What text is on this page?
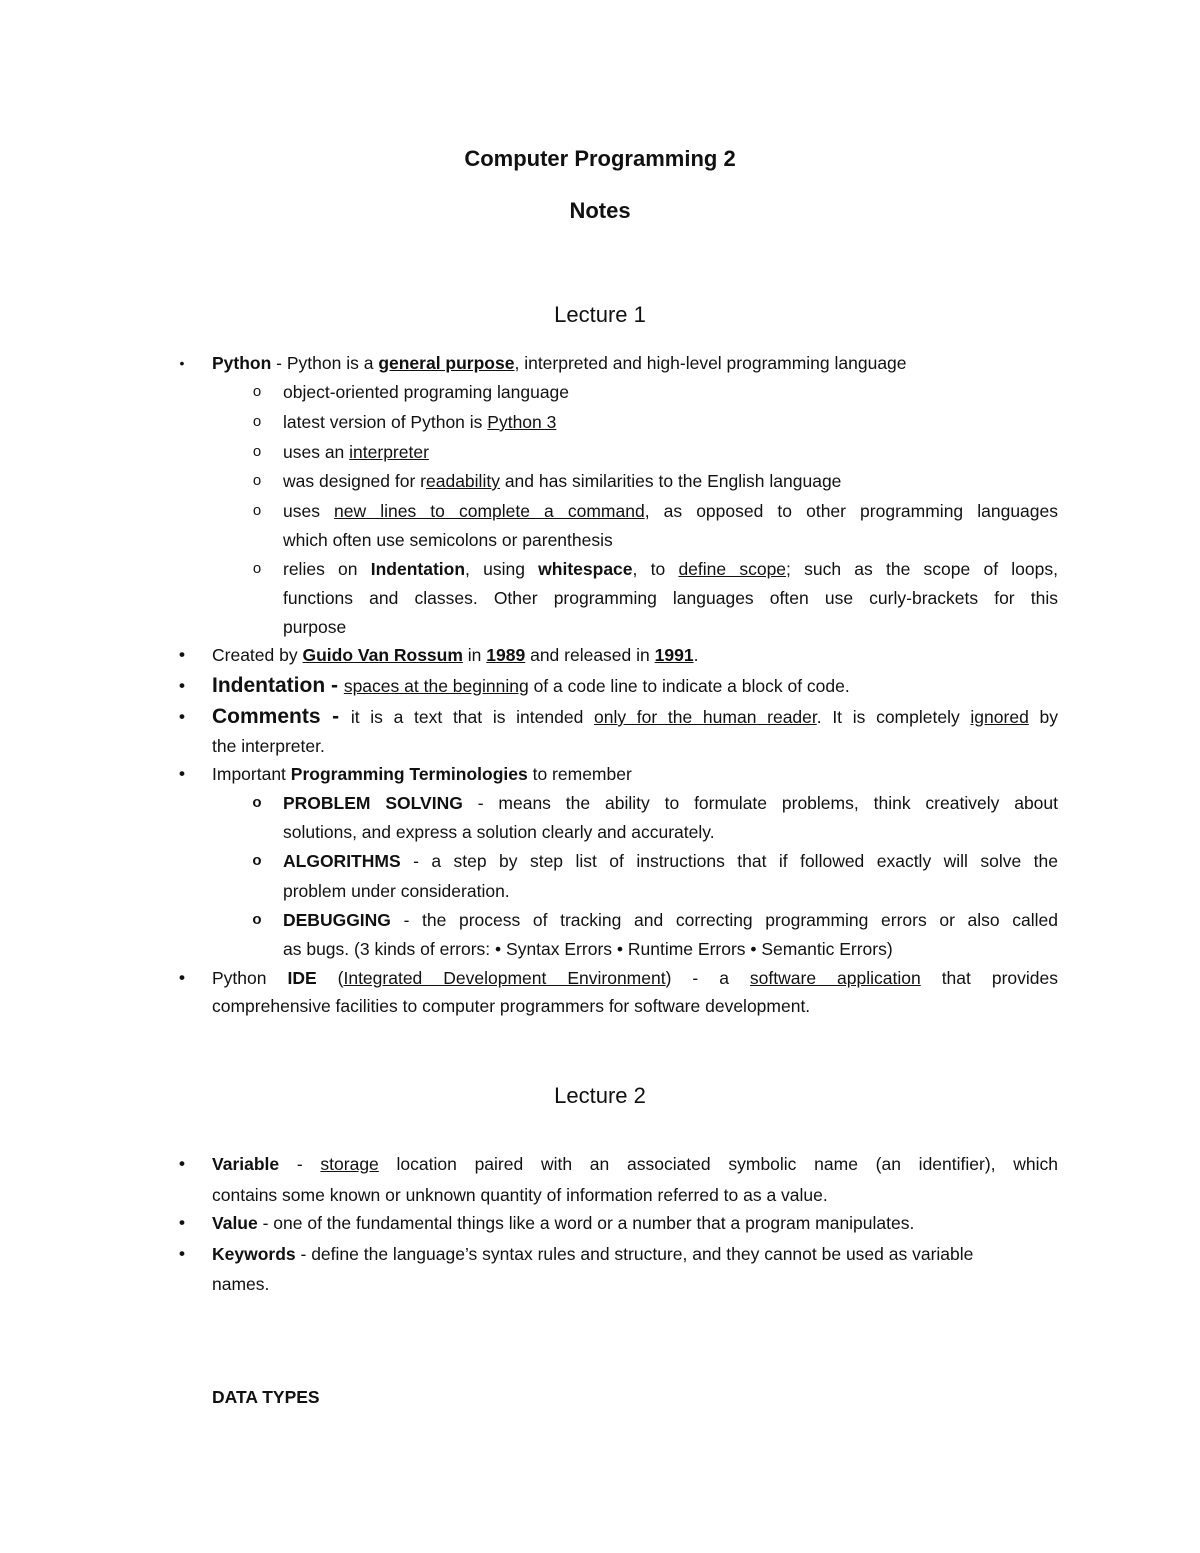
Computer Programming 2
Notes
Lecture 1
•	Python - Python is a general purpose, interpreted and high-level programming language
o object-oriented programing language
o latest version of Python is Python 3
o uses an interpreter
o was designed for readability and has similarities to the English language
o uses new lines to complete a command, as opposed to other programming languages
which often use semicolons or parenthesis
o relies on Indentation, using whitespace, to define scope; such as the scope of loops,
functions and classes. Other programming languages often use curly-brackets for this
purpose
•	Created by Guido Van Rossum in 1989 and released in 1991.
•	Indentation - spaces at the beginning of a code line to indicate a block of code.
•	Comments - it is a text that is intended only for the human reader. It is completely ignored by
the interpreter.
•	Important Programming Terminologies to remember
o PROBLEM SOLVING - means the ability to formulate problems, think creatively about
solutions, and express a solution clearly and accurately.
o ALGORITHMS - a step by step list of instructions that if followed exactly will solve the
problem under consideration.
o DEBUGGING - the process of tracking and correcting programming errors or also called
as bugs. (3 kinds of errors: • Syntax Errors • Runtime Errors • Semantic Errors)
•	Python IDE (Integrated Development Environment) - a software application that provides
comprehensive facilities to computer programmers for software development.
Lecture 2
•	Variable - storage location paired with an associated symbolic name (an identifier), which
contains some known or unknown quantity of information referred to as a value.
•	Value - one of the fundamental things like a word or a number that a program manipulates.
•	Keywords - define the language’s syntax rules and structure, and they cannot be used as variable
names.
DATA TYPES
